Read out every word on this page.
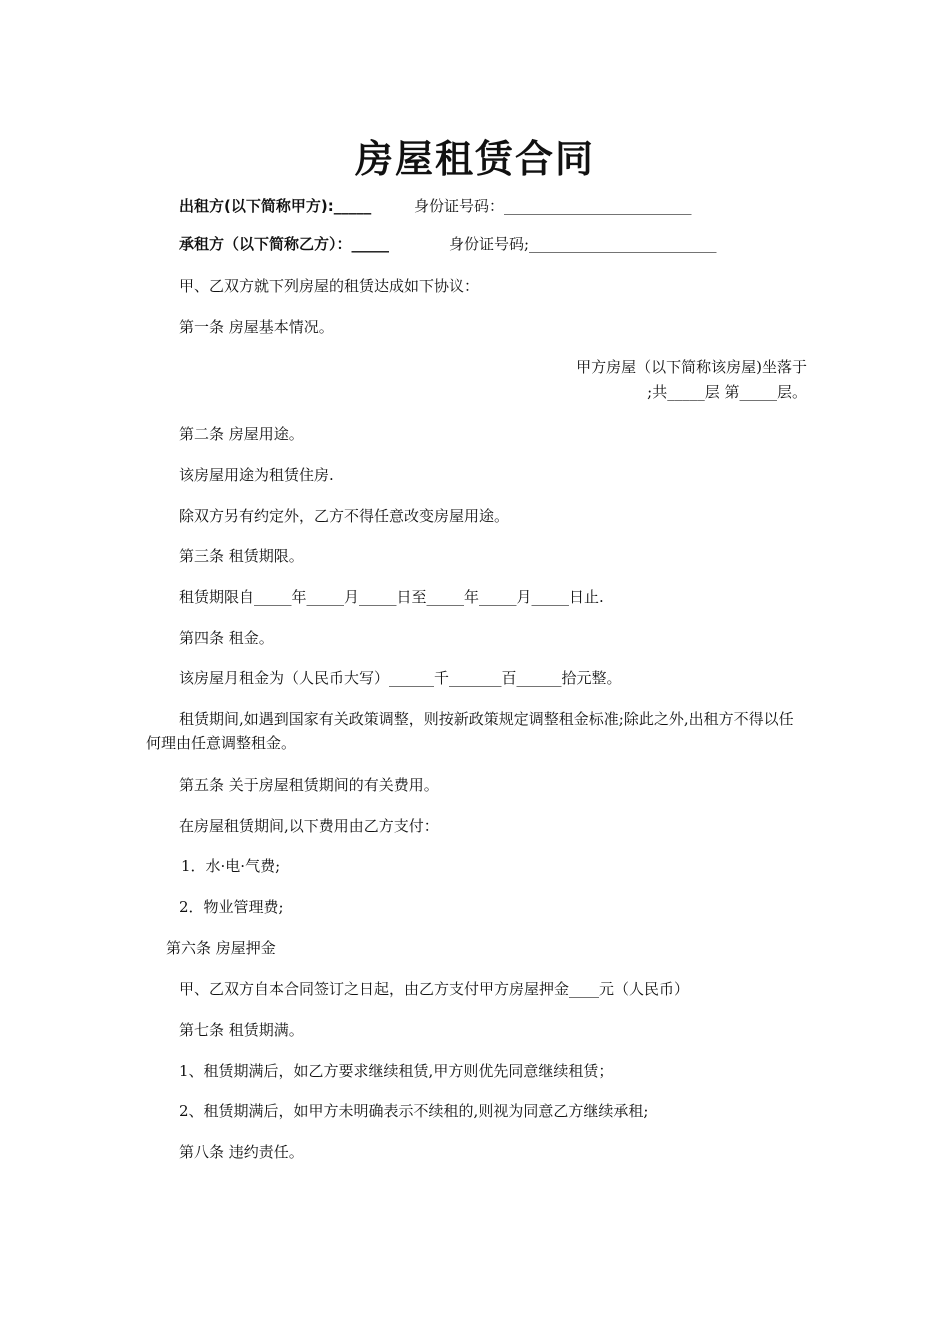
房屋租赁合同
出租方(以下简称甲方):_____	身份证号码：_________________________
承租方（以下简称乙方）：_____	身份证号码;_________________________
甲、乙双方就下列房屋的租赁达成如下协议：
第一条 房屋基本情况。
甲方房屋（以下简称该房屋)坐落于
;共_____层 第_____层。
第二条 房屋用途。
该房屋用途为租赁住房.
除双方另有约定外，乙方不得任意改变房屋用途。
第三条 租赁期限。
租赁期限自_____年_____月_____日至_____年_____月_____日止.
第四条 租金。
该房屋月租金为（人民币大写）______千_______百______拾元整。
租赁期间,如遇到国家有关政策调整，则按新政策规定调整租金标准;除此之外,出租方不得以任何理由任意调整租金。
第五条 关于房屋租赁期间的有关费用。
在房屋租赁期间,以下费用由乙方支付：
1．水·电·气费;
2．物业管理费;
第六条 房屋押金
甲、乙双方自本合同签订之日起，由乙方支付甲方房屋押金____元（人民币）
第七条 租赁期满。
1、租赁期满后，如乙方要求继续租赁,甲方则优先同意继续租赁；
2、租赁期满后，如甲方未明确表示不续租的,则视为同意乙方继续承租;
第八条 违约责任。
